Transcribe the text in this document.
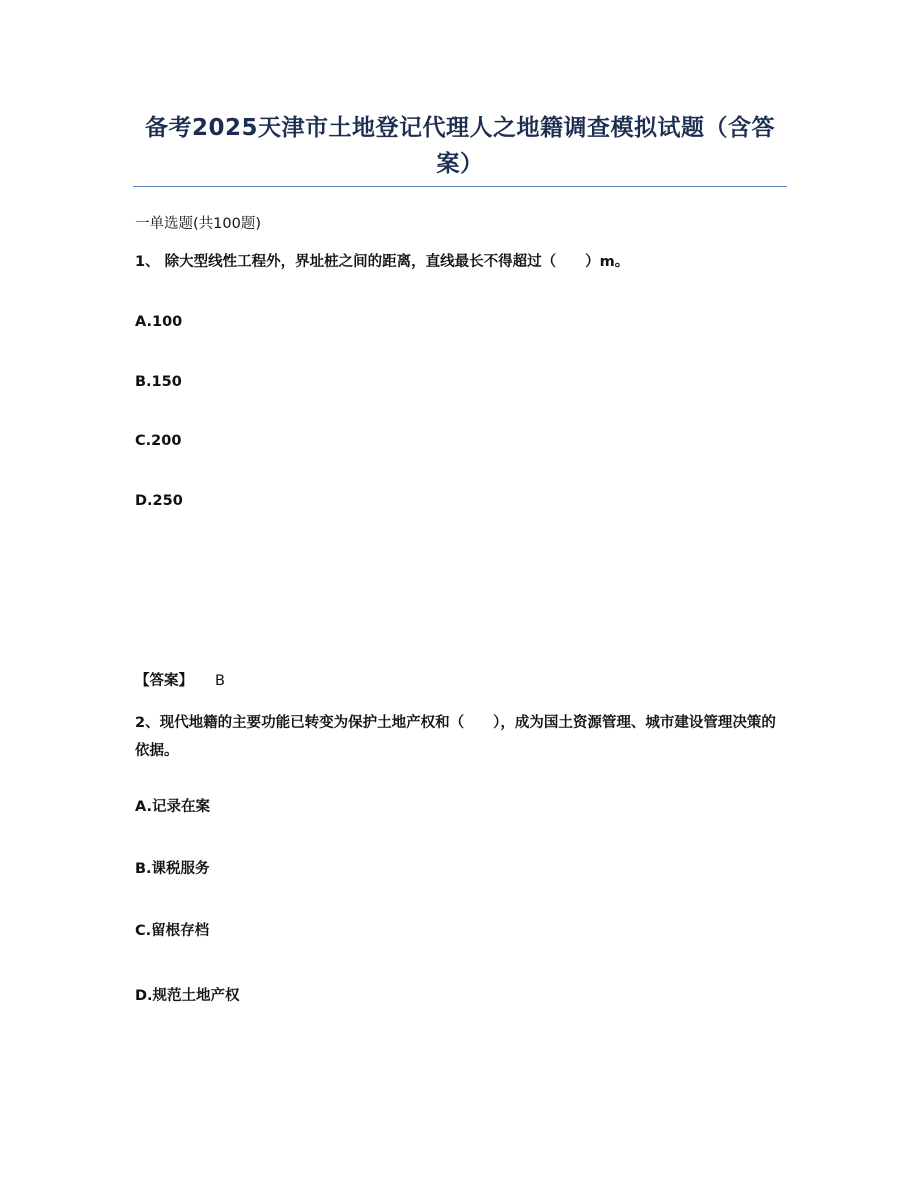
备考2025天津市土地登记代理人之地籍调查模拟试题（含答案）
一单选题(共100题)
1、 除大型线性工程外，界址桩之间的距离，直线最长不得超过（　　）m。
A.100
B.150
C.200
D.250
【答案】 B
2、现代地籍的主要功能已转变为保护土地产权和（　　），成为国土资源管理、城市建设管理决策的依据。
A.记录在案
B.课税服务
C.留根存档
D.规范土地产权
